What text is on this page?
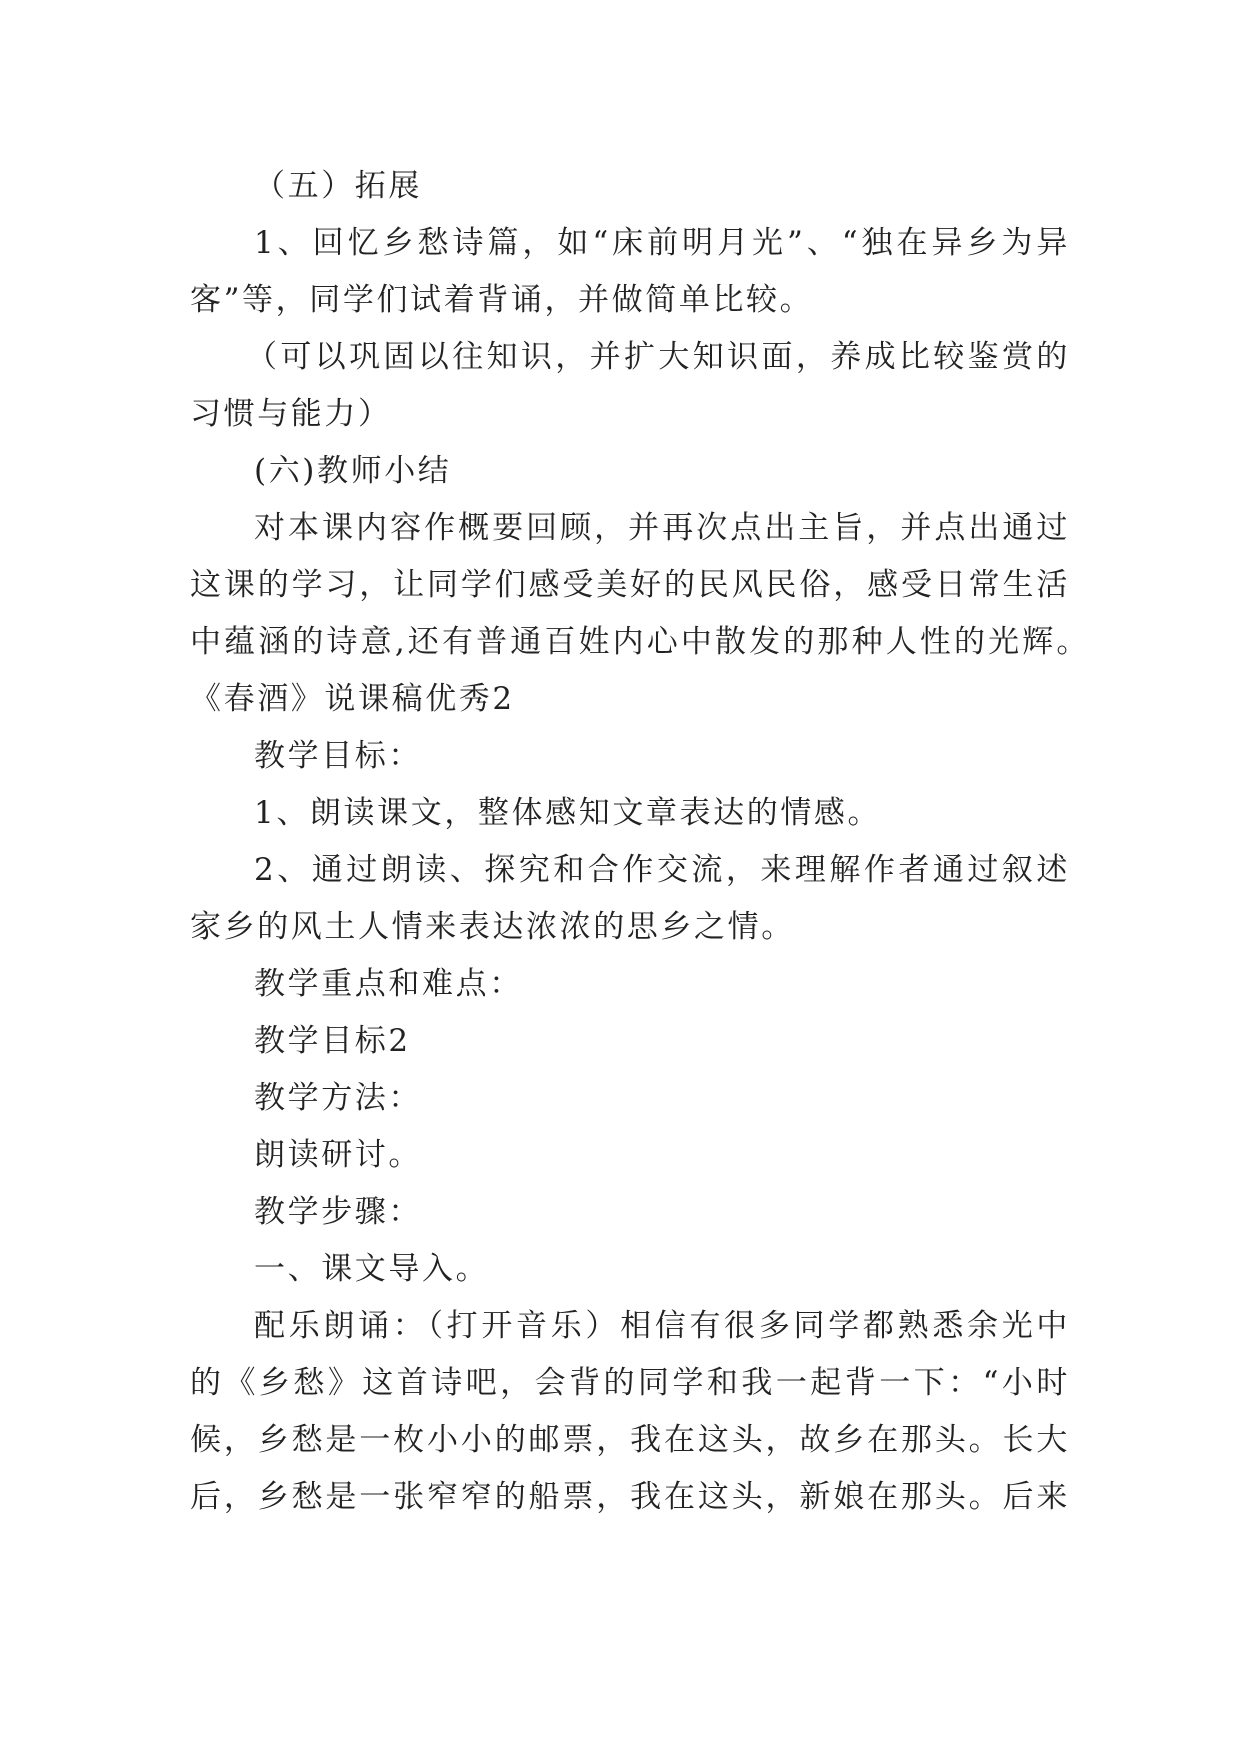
（五）拓展
1、回忆乡愁诗篇，如“床前明月光”、“独在异乡为异
客”等，同学们试着背诵，并做简单比较。
（可以巩固以往知识，并扩大知识面，养成比较鉴赏的
习惯与能力）
(六)教师小结
对本课内容作概要回顾，并再次点出主旨，并点出通过
这课的学习，让同学们感受美好的民风民俗，感受日常生活
中蕴涵的诗意,还有普通百姓内心中散发的那种人性的光辉。
《春酒》说课稿优秀2
教学目标：
1、朗读课文，整体感知文章表达的情感。
2、通过朗读、探究和合作交流，来理解作者通过叙述
家乡的风土人情来表达浓浓的思乡之情。
教学重点和难点：
教学目标2
教学方法：
朗读研讨。
教学步骤：
一、课文导入。
配乐朗诵：（打开音乐）相信有很多同学都熟悉余光中
的《乡愁》这首诗吧，会背的同学和我一起背一下：“小时
候，乡愁是一枚小小的邮票，我在这头，故乡在那头。长大
后，乡愁是一张窄窄的船票，我在这头，新娘在那头。后来
